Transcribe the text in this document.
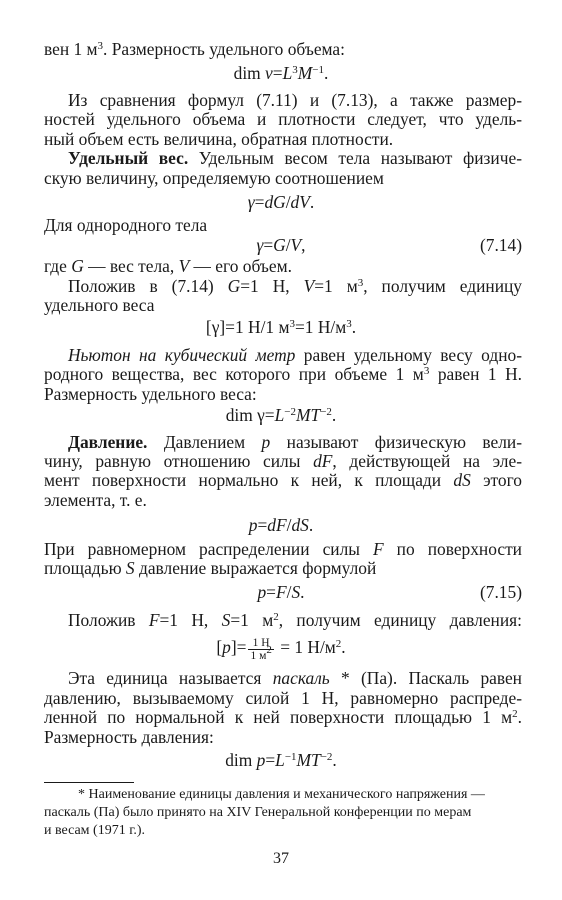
вен 1 $м^3$. Размерность удельного объема:
dim $v=L^3M^{-1}$.
Из сравнения формул (7.11) и (7.13), а также размер-
ностей удельного объема и плотности следует, что удель-
ный объем есть величина, обратная плотности.
Удельный вес. Удельным весом тела называют физиче-
скую величину, определяемую соотношением
γ=dG/dV.
Для однородного тела
γ=G/V,	(7.14)
где G — вес тела, V — его объем.
Положив в (7.14) G=1 Н, V=1 $м^3$, получим единицу
удельного веса
[γ]=1 Н/1 $м^3=1$ $Н/м^3$.
Ньютон на кубический метр равен удельному весу одно-
родного вещества, вес которого при объеме 1 $м^3$ равен 1 Н.
Размерность удельного веса:
dim $\gamma=L^{-2}MT^{-2}$.
Давление. Давлением p называют физическую вели-
чину, равную отношению силы dF, действующей на эле-
мент поверхности нормально к ней, к площади dS этого
элемента, т. е.
p=dF/dS.
При равномерном распределении силы F по поверхности
площадью S давление выражается формулой
p=F/S.	(7.15)
Положив F=1 Н, S=1 $м^2$, получим единицу давления:
$[p]= \frac{1 Н}{1 м^2} = 1$ $Н/м^2$.
Эта единица называется паскаль * (Па). Паскаль равен
давлению, вызываемому силой 1 Н, равномерно распреде-
ленной по нормальной к ней поверхности площадью 1 $м^2$.
Размерность давления:
dim $p=L^{-1}MT^{-2}$.
* Наименование единицы давления и механического напряжения —
паскаль (Па) было принято на XIV Генеральной конференции по мерам
и весам (1971 г.).
37
